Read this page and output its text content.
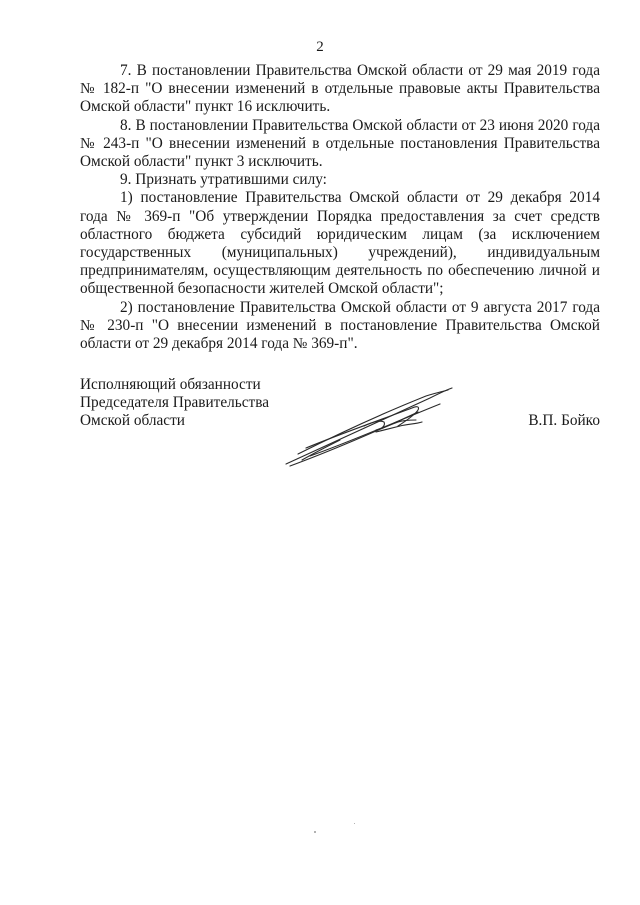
2

7. В постановлении Правительства Омской области от 29 мая 2019 года № 182-п "О внесении изменений в отдельные правовые акты Правительства Омской области" пункт 16 исключить.

8. В постановлении Правительства Омской области от 23 июня 2020 года № 243-п "О внесении изменений в отдельные постановления Правительства Омской области" пункт 3 исключить.

9. Признать утратившими силу:

1) постановление Правительства Омской области от 29 декабря 2014 года № 369-п "Об утверждении Порядка предоставления за счет средств областного бюджета субсидий юридическим лицам (за исключением государственных (муниципальных) учреждений), индивидуальным предпринимателям, осуществляющим деятельность по обеспечению личной и общественной безопасности жителей Омской области";

2) постановление Правительства Омской области от 9 августа 2017 года № 230-п "О внесении изменений в постановление Правительства Омской области от 29 декабря 2014 года № 369-п".

Исполняющий обязанности
Председателя Правительства
Омской области	В.П. Бойко
